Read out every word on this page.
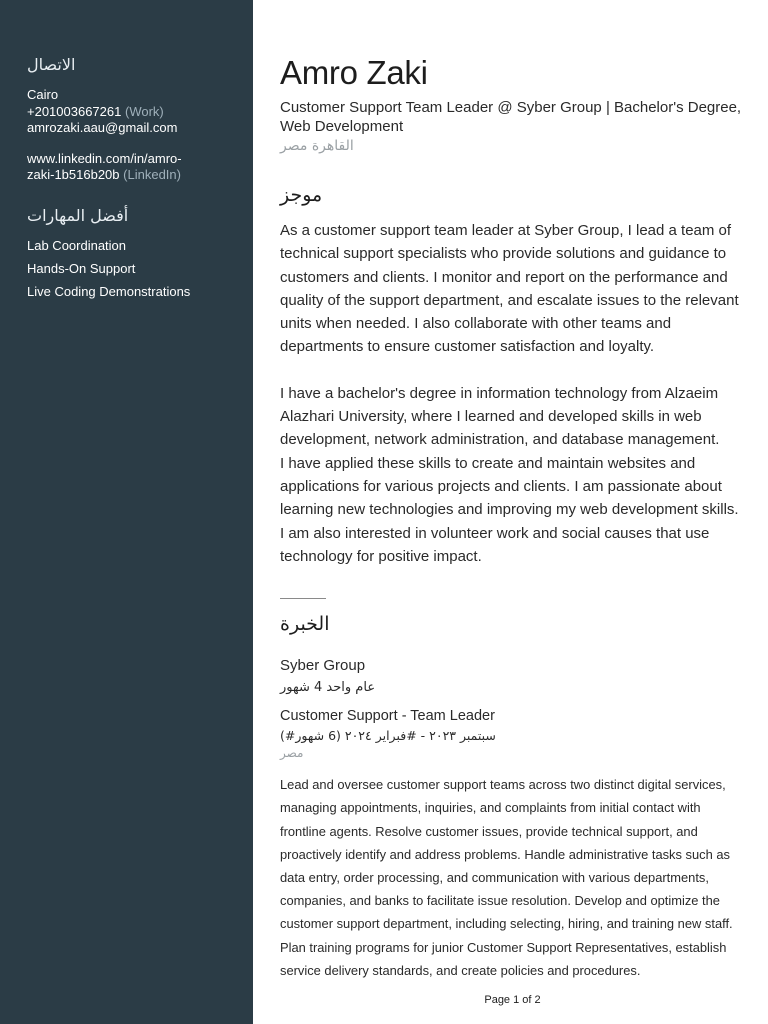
الاتصال
Cairo
+201003667261 (Work)
amrozaki.aau@gmail.com
www.linkedin.com/in/amro-
zaki-1b516b20b (LinkedIn)
أفضل المهارات
Lab Coordination
Hands-On Support
Live Coding Demonstrations
Amro Zaki
Customer Support Team Leader @ Syber Group | Bachelor's Degree, Web Development
القاهرة مصر
موجز
As a customer support team leader at Syber Group, I lead a team of technical support specialists who provide solutions and guidance to customers and clients. I monitor and report on the performance and quality of the support department, and escalate issues to the relevant units when needed. I also collaborate with other teams and departments to ensure customer satisfaction and loyalty.
I have a bachelor's degree in information technology from Alzaeim Alazhari University, where I learned and developed skills in web development, network administration, and database management.
I have applied these skills to create and maintain websites and applications for various projects and clients. I am passionate about learning new technologies and improving my web development skills. I am also interested in volunteer work and social causes that use technology for positive impact.
الخبرة
Syber Group
عام واحد 4 شهور
Customer Support - Team Leader
(#سبتمبر ٢٠٢٣ - #فبراير ٢٠٢٤ (6 شهور
مصر
Lead and oversee customer support teams across two distinct digital services, managing appointments, inquiries, and complaints from initial contact with frontline agents. Resolve customer issues, provide technical support, and proactively identify and address problems. Handle administrative tasks such as data entry, order processing, and communication with various departments, companies, and banks to facilitate issue resolution. Develop and optimize the customer support department, including selecting, hiring, and training new staff. Plan training programs for junior Customer Support Representatives, establish service delivery standards, and create policies and procedures.
Page 1 of 2
